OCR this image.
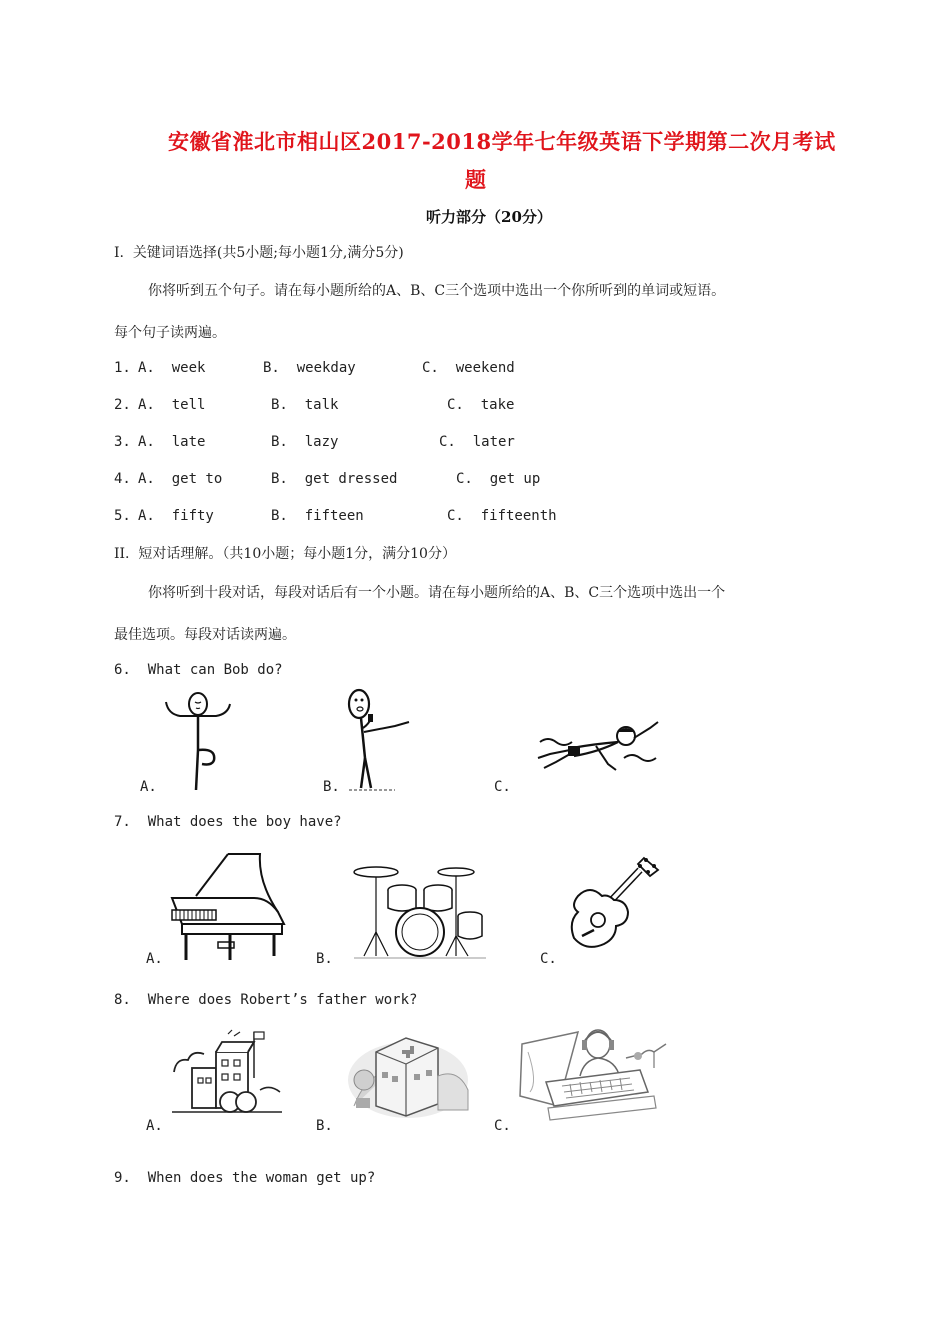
安徽省淮北市相山区2017-2018学年七年级英语下学期第二次月考试
题
听力部分（20分）
I.  关键词语选择(共5小题;每小题1分,满分5分)
你将听到五个句子。请在每小题所给的A、B、C三个选项中选出一个你所听到的单词或短语。
每个句子读两遍。
1. A.  week	B.  weekday	C.  weekend
2. A.  tell	B.  talk	C.  take
3. A.  late	B.  lazy	C.  later
4. A.  get to	B.  get dressed	C.  get up
5. A.  fifty	B.  fifteen	C.  fifteenth
II.  短对话理解。（共10小题；每小题1分，满分10分）
你将听到十段对话，每段对话后有一个小题。请在每小题所给的A、B、C三个选项中选出一个
最佳选项。每段对话读两遍。
6.  What can Bob do?
A.	B.	C.
7.  What does the boy have?
A.	B.	C.
8.  Where does Robert’s father work?
A.	B.	C.
9.  When does the woman get up?
